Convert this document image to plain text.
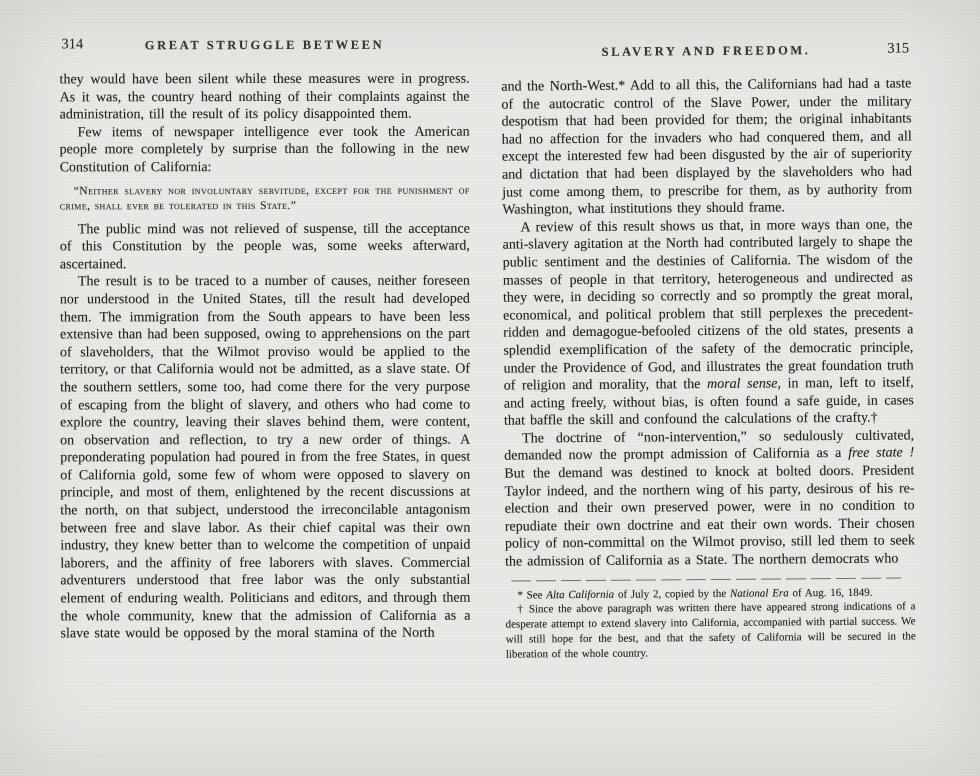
314	GREAT STRUGGLE BETWEEN

they would have been silent while these measures were in progress. As it was, the country heard nothing of their complaints against the administration, till the result of its policy disappointed them.

Few items of newspaper intelligence ever took the American people more completely by surprise than the following in the new Constitution of California:

“Neither slavery nor involuntary servitude, except for the punishment of crime, shall ever be tolerated in this State.”

The public mind was not relieved of suspense, till the acceptance of this Constitution by the people was, some weeks afterward, ascertained.

The result is to be traced to a number of causes, neither foreseen nor understood in the United States, till the result had developed them. The immigration from the South appears to have been less extensive than had been supposed, owing to apprehensions on the part of slaveholders, that the Wilmot proviso would be applied to the territory, or that California would not be admitted, as a slave state. Of the southern settlers, some too, had come there for the very purpose of escaping from the blight of slavery, and others who had come to explore the country, leaving their slaves behind them, were content, on observation and reflection, to try a new order of things. A preponderating population had poured in from the free States, in quest of California gold, some few of whom were opposed to slavery on principle, and most of them, enlightened by the recent discussions at the north, on that subject, understood the irreconcilable antagonism between free and slave labor. As their chief capital was their own industry, they knew better than to welcome the competition of unpaid laborers, and the affinity of free laborers with slaves. Commercial adventurers understood that free labor was the only substantial element of enduring wealth. Politicians and editors, and through them the whole community, knew that the admission of California as a slave state would be opposed by the moral stamina of the North

SLAVERY AND FREEDOM.	315

and the North-West.* Add to all this, the Californians had had a taste of the autocratic control of the Slave Power, under the military despotism that had been provided for them; the original inhabitants had no affection for the invaders who had conquered them, and all except the interested few had been disgusted by the air of superiority and dictation that had been displayed by the slaveholders who had just come among them, to prescribe for them, as by authority from Washington, what institutions they should frame.

A review of this result shows us that, in more ways than one, the anti-slavery agitation at the North had contributed largely to shape the public sentiment and the destinies of California. The wisdom of the masses of people in that territory, heterogeneous and undirected as they were, in deciding so correctly and so promptly the great moral, economical, and political problem that still perplexes the precedent-ridden and demagogue-befooled citizens of the old states, presents a splendid exemplification of the safety of the democratic principle, under the Providence of God, and illustrates the great foundation truth of religion and morality, that the moral sense, in man, left to itself, and acting freely, without bias, is often found a safe guide, in cases that baffle the skill and confound the calculations of the crafty.†

The doctrine of “non-intervention,” so sedulously cultivated, demanded now the prompt admission of California as a free state ! But the demand was destined to knock at bolted doors. President Taylor indeed, and the northern wing of his party, desirous of his re-election and their own preserved power, were in no condition to repudiate their own doctrine and eat their own words. Their chosen policy of non-committal on the Wilmot proviso, still led them to seek the admission of California as a State. The northern democrats who

* See Alta California of July 2, copied by the National Era of Aug. 16, 1849.

† Since the above paragraph was written there have appeared strong indications of a desperate attempt to extend slavery into California, accompanied with partial success. We will still hope for the best, and that the safety of California will be secured in the liberation of the whole country.
